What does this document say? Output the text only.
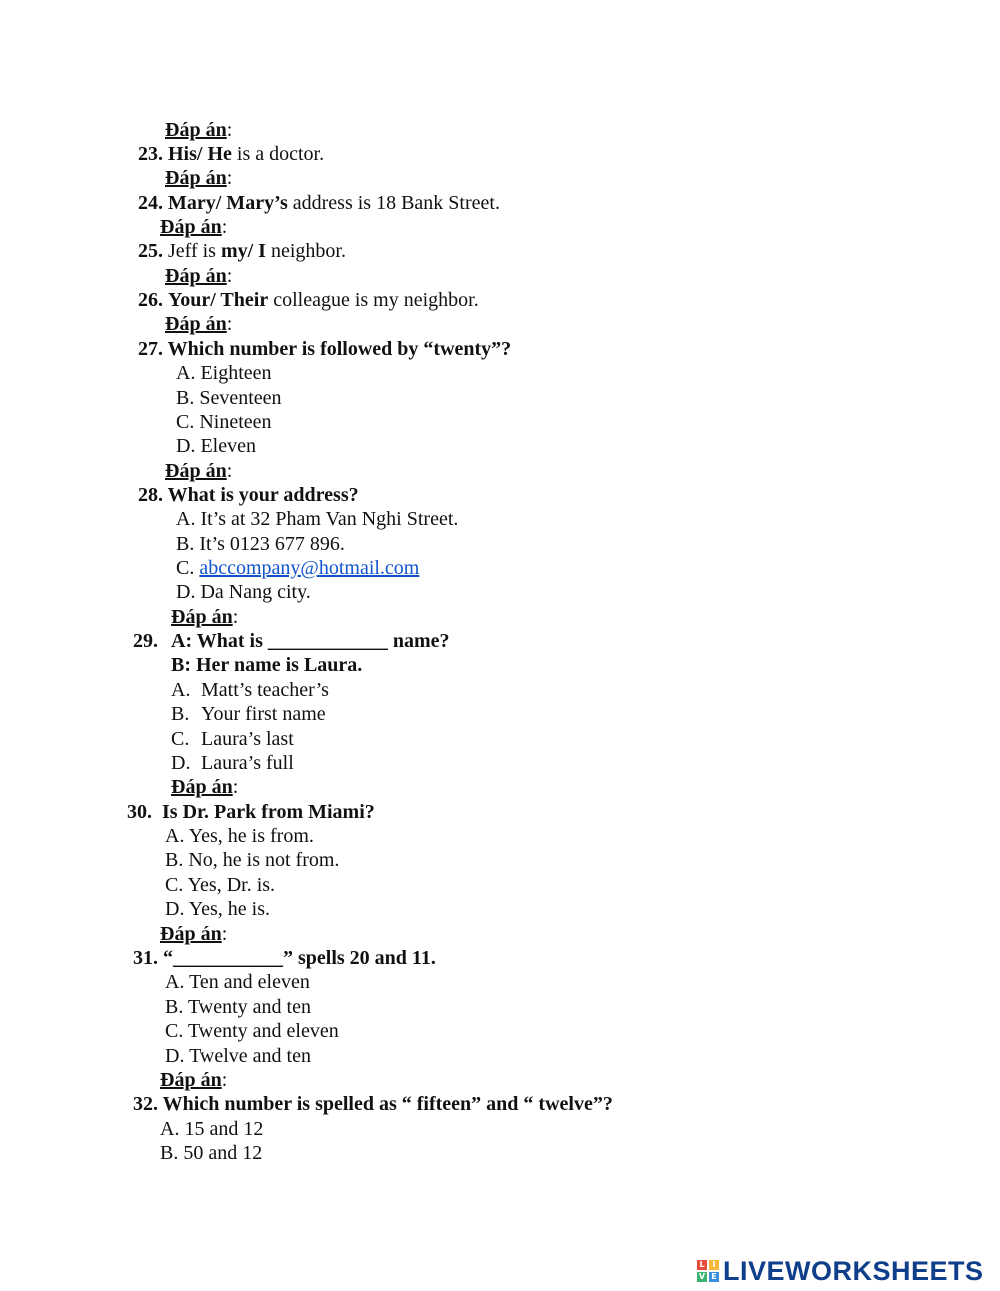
Đáp án:
23. His/ He is a doctor.
Đáp án:
24. Mary/ Mary’s address is 18 Bank Street.
Đáp án:
25. Jeff is my/ I neighbor.
Đáp án:
26. Your/ Their colleague is my neighbor.
Đáp án:
27. Which number is followed by “twenty”?
A. Eighteen
B. Seventeen
C. Nineteen
D. Eleven
Đáp án:
28. What is your address?
A. It’s at 32 Pham Van Nghi Street.
B. It’s 0123 677 896.
C. abccompany@hotmail.com
D. Da Nang city.
Đáp án:
29. A: What is ____________ name?
B: Her name is Laura.
A. Matt’s teacher’s
B. Your first name
C. Laura’s last
D. Laura’s full
Đáp án:
30.  Is Dr. Park from Miami?
A. Yes, he is from.
B. No, he is not from.
C. Yes, Dr. is.
D. Yes, he is.
Đáp án:
31. “___________” spells 20 and 11.
A. Ten and eleven
B. Twenty and ten
C. Twenty and eleven
D. Twelve and ten
Đáp án:
32. Which number is spelled as “ fifteen” and “ twelve”?
A. 15 and 12
B. 50 and 12
L I
V E LIVEWORKSHEETS
